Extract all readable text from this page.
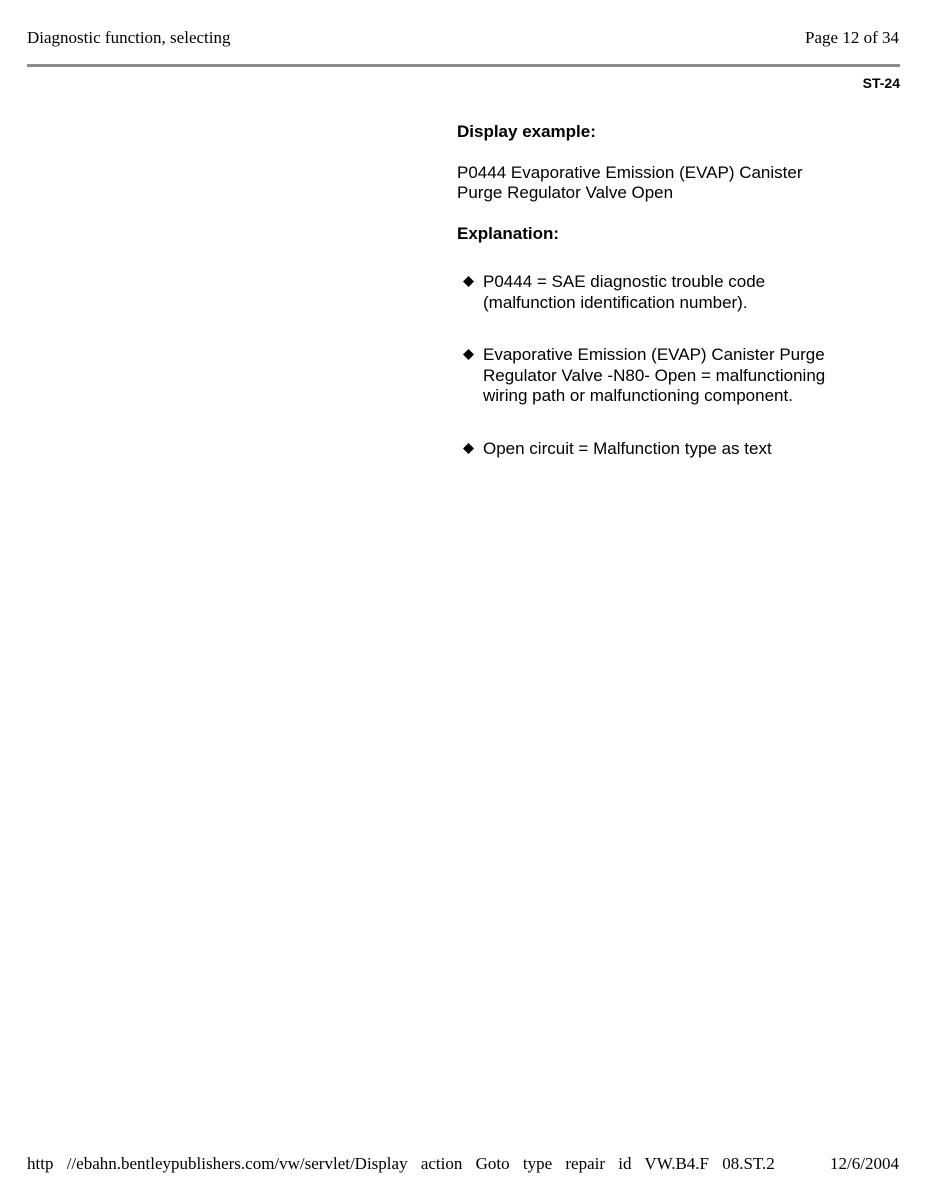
Diagnostic function, selecting	Page 12 of 34
ST-24

Display example:

P0444 Evaporative Emission (EVAP) Canister
Purge Regulator Valve Open

Explanation:

P0444 = SAE diagnostic trouble code
(malfunction identification number).
Evaporative Emission (EVAP) Canister Purge
Regulator Valve -N80- Open = malfunctioning
wiring path or malfunctioning component.
Open circuit = Malfunction type as text
http //ebahn.bentleypublishers.com/vw/servlet/Display action Goto type repair id VW.B4.F 08.ST.2	12/6/2004
